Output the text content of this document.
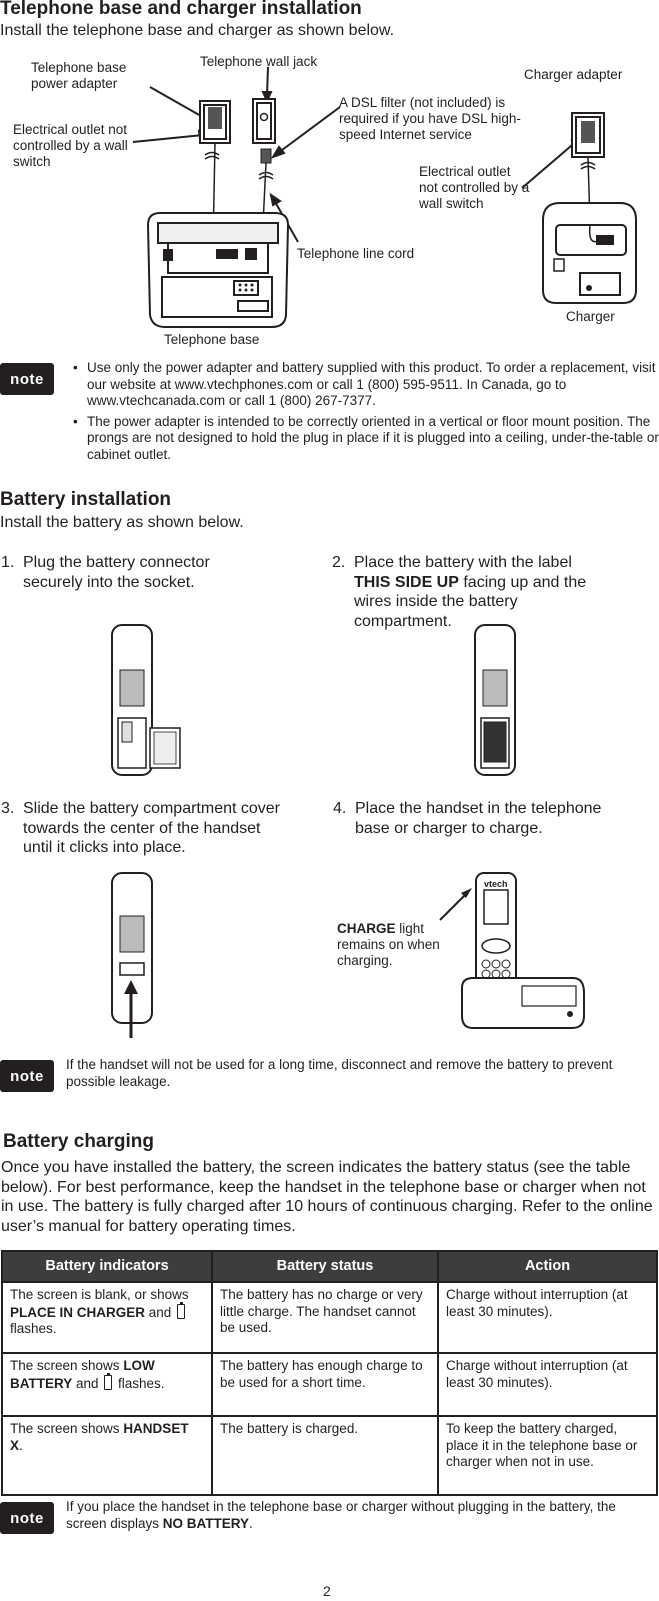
Telephone base and charger installation
Install the telephone base and charger as shown below.
Telephone base power adapter
Telephone wall jack
Charger adapter
Electrical outlet not controlled by a wall switch
A DSL filter (not included) is required if you have DSL high-speed Internet service
Electrical outlet not controlled by a wall switch
Telephone line cord
Telephone base
Charger
note
• Use only the power adapter and battery supplied with this product. To order a replacement, visit our website at www.vtechphones.com or call 1 (800) 595-9511. In Canada, go to www.vtechcanada.com or call 1 (800) 267-7377.
• The power adapter is intended to be correctly oriented in a vertical or floor mount position. The prongs are not designed to hold the plug in place if it is plugged into a ceiling, under-the-table or cabinet outlet.
Battery installation
Install the battery as shown below.
1. Plug the battery connector securely into the socket.
2. Place the battery with the label THIS SIDE UP facing up and the wires inside the battery compartment.
3. Slide the battery compartment cover towards the center of the handset until it clicks into place.
4. Place the handset in the telephone base or charger to charge.
vtech
CHARGE light remains on when charging.
note
If the handset will not be used for a long time, disconnect and remove the battery to prevent possible leakage.
Battery charging
Once you have installed the battery, the screen indicates the battery status (see the table below). For best performance, keep the handset in the telephone base or charger when not in use. The battery is fully charged after 10 hours of continuous charging. Refer to the online user’s manual for battery operating times.
Battery indicators	Battery status	Action
The screen is blank, or shows PLACE IN CHARGER and  flashes.	The battery has no charge or very little charge. The handset cannot be used.	Charge without interruption (at least 30 minutes).
The screen shows LOW BATTERY and  flashes.	The battery has enough charge to be used for a short time.	Charge without interruption (at least 30 minutes).
The screen shows HANDSET X.	The battery is charged.	To keep the battery charged, place it in the telephone base or charger when not in use.
note
If you place the handset in the telephone base or charger without plugging in the battery, the screen displays NO BATTERY.
2
